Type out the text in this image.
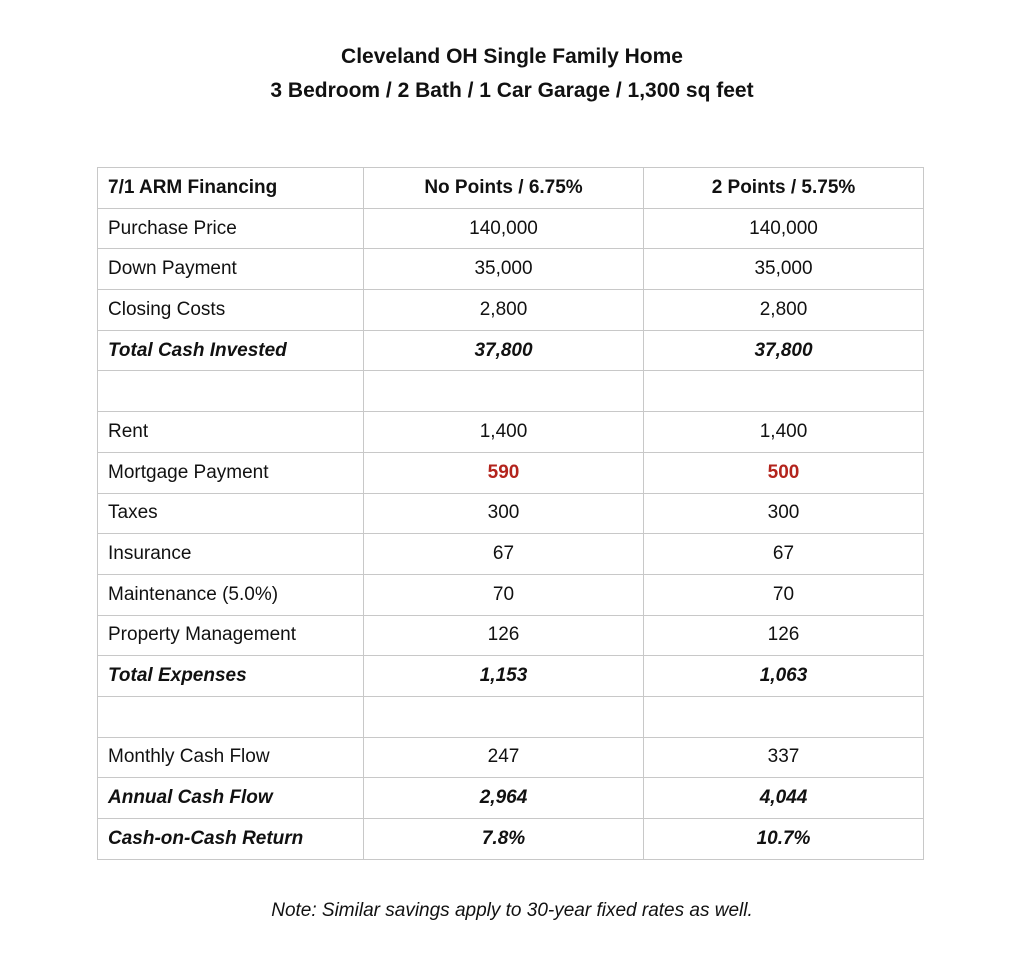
Cleveland OH Single Family Home
3 Bedroom / 2 Bath / 1 Car Garage / 1,300 sq feet
7/1 ARM Financing	No Points / 6.75%	2 Points / 5.75%
Purchase Price	140,000	140,000
Down Payment	35,000	35,000
Closing Costs	2,800	2,800
Total Cash Invested	37,800	37,800

Rent	1,400	1,400
Mortgage Payment	590	500
Taxes	300	300
Insurance	67	67
Maintenance (5.0%)	70	70
Property Management	126	126
Total Expenses	1,153	1,063

Monthly Cash Flow	247	337
Annual Cash Flow	2,964	4,044
Cash-on-Cash Return	7.8%	10.7%
Note: Similar savings apply to 30-year fixed rates as well.
